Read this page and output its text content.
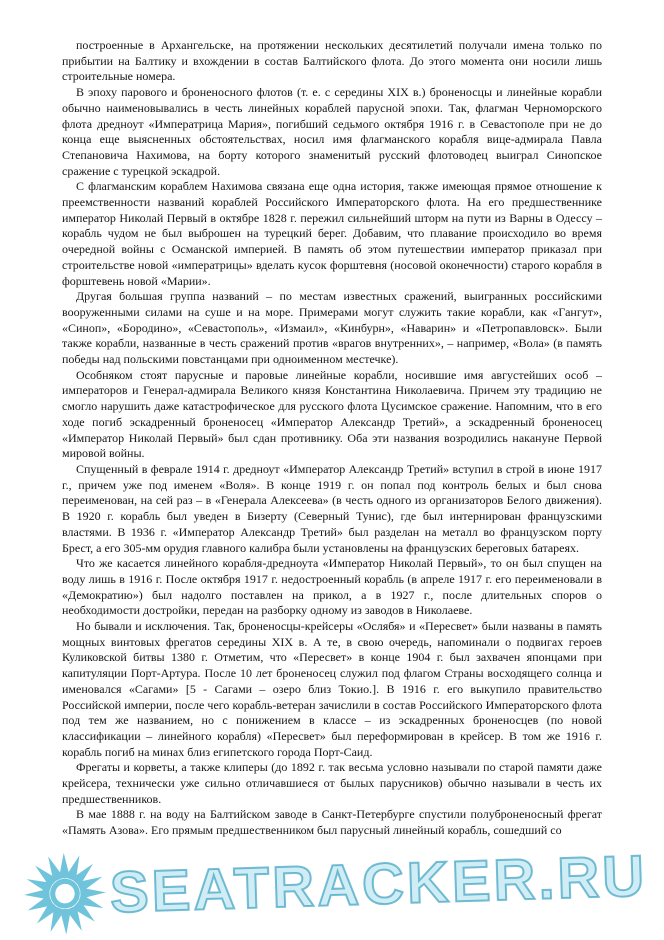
построенные в Архангельске, на протяжении нескольких десятилетий получали имена только по прибытии на Балтику и вхождении в состав Балтийского флота. До этого момента они носили лишь строительные номера.

В эпоху парового и броненосного флотов (т. е. с середины XIX в.) броненосцы и линейные корабли обычно наименовывались в честь линейных кораблей парусной эпохи. Так, флагман Черноморского флота дредноут «Императрица Мария», погибший седьмого октября 1916 г. в Севастополе при не до конца еще выясненных обстоятельствах, носил имя флагманского корабля вице-адмирала Павла Степановича Нахимова, на борту которого знаменитый русский флотоводец выиграл Синопское сражение с турецкой эскадрой.

С флагманским кораблем Нахимова связана еще одна история, также имеющая прямое отношение к преемственности названий кораблей Российского Императорского флота. На его предшественнике император Николай Первый в октябре 1828 г. пережил сильнейший шторм на пути из Варны в Одессу – корабль чудом не был выброшен на турецкий берег. Добавим, что плавание происходило во время очередной войны с Османской империей. В память об этом путешествии император приказал при строительстве новой «императрицы» вделать кусок форштевня (носовой оконечности) старого корабля в форштевень новой «Марии».

Другая большая группа названий – по местам известных сражений, выигранных российскими вооруженными силами на суше и на море. Примерами могут служить такие корабли, как «Гангут», «Синоп», «Бородино», «Севастополь», «Измаил», «Кинбурн», «Наварин» и «Петропавловск». Были также корабли, названные в честь сражений против «врагов внутренних», – например, «Вола» (в память победы над польскими повстанцами при одноименном местечке).

Особняком стоят парусные и паровые линейные корабли, носившие имя августейших особ – императоров и Генерал-адмирала Великого князя Константина Николаевича. Причем эту традицию не смогло нарушить даже катастрофическое для русского флота Цусимское сражение. Напомним, что в его ходе погиб эскадренный броненосец «Император Александр Третий», а эскадренный броненосец «Император Николай Первый» был сдан противнику. Оба эти названия возродились накануне Первой мировой войны.

Спущенный в феврале 1914 г. дредноут «Император Александр Третий» вступил в строй в июне 1917 г., причем уже под именем «Воля». В конце 1919 г. он попал под контроль белых и был снова переименован, на сей раз – в «Генерала Алексеева» (в честь одного из организаторов Белого движения). В 1920 г. корабль был уведен в Бизерту (Северный Тунис), где был интернирован французскими властями. В 1936 г. «Император Александр Третий» был разделан на металл во французском порту Брест, а его 305-мм орудия главного калибра были установлены на французских береговых батареях.

Что же касается линейного корабля-дредноута «Император Николай Первый», то он был спущен на воду лишь в 1916 г. После октября 1917 г. недостроенный корабль (в апреле 1917 г. его переименовали в «Демократию») был надолго поставлен на прикол, а в 1927 г., после длительных споров о необходимости достройки, передан на разборку одному из заводов в Николаеве.

Но бывали и исключения. Так, броненосцы-крейсеры «Ослябя» и «Пересвет» были названы в память мощных винтовых фрегатов середины XIX в. А те, в свою очередь, напоминали о подвигах героев Куликовской битвы 1380 г. Отметим, что «Пересвет» в конце 1904 г. был захвачен японцами при капитуляции Порт-Артура. После 10 лет броненосец служил под флагом Страны восходящего солнца и именовался «Сагами» [5 - Сагами – озеро близ Токио.]. В 1916 г. его выкупило правительство Российской империи, после чего корабль-ветеран зачислили в состав Российского Императорского флота под тем же названием, но с понижением в классе – из эскадренных броненосцев (по новой классификации – линейного корабля) «Пересвет» был переформирован в крейсер. В том же 1916 г. корабль погиб на минах близ египетского города Порт-Саид.

Фрегаты и корветы, а также клиперы (до 1892 г. так весьма условно называли по старой памяти даже крейсера, технически уже сильно отличавшиеся от былых парусников) обычно называли в честь их предшественников.

В мае 1888 г. на воду на Балтийском заводе в Санкт-Петербурге спустили полуброненосный фрегат «Память Азова». Его прямым предшественником был парусный линейный корабль, сошедший со

SEATRACKER.RU
